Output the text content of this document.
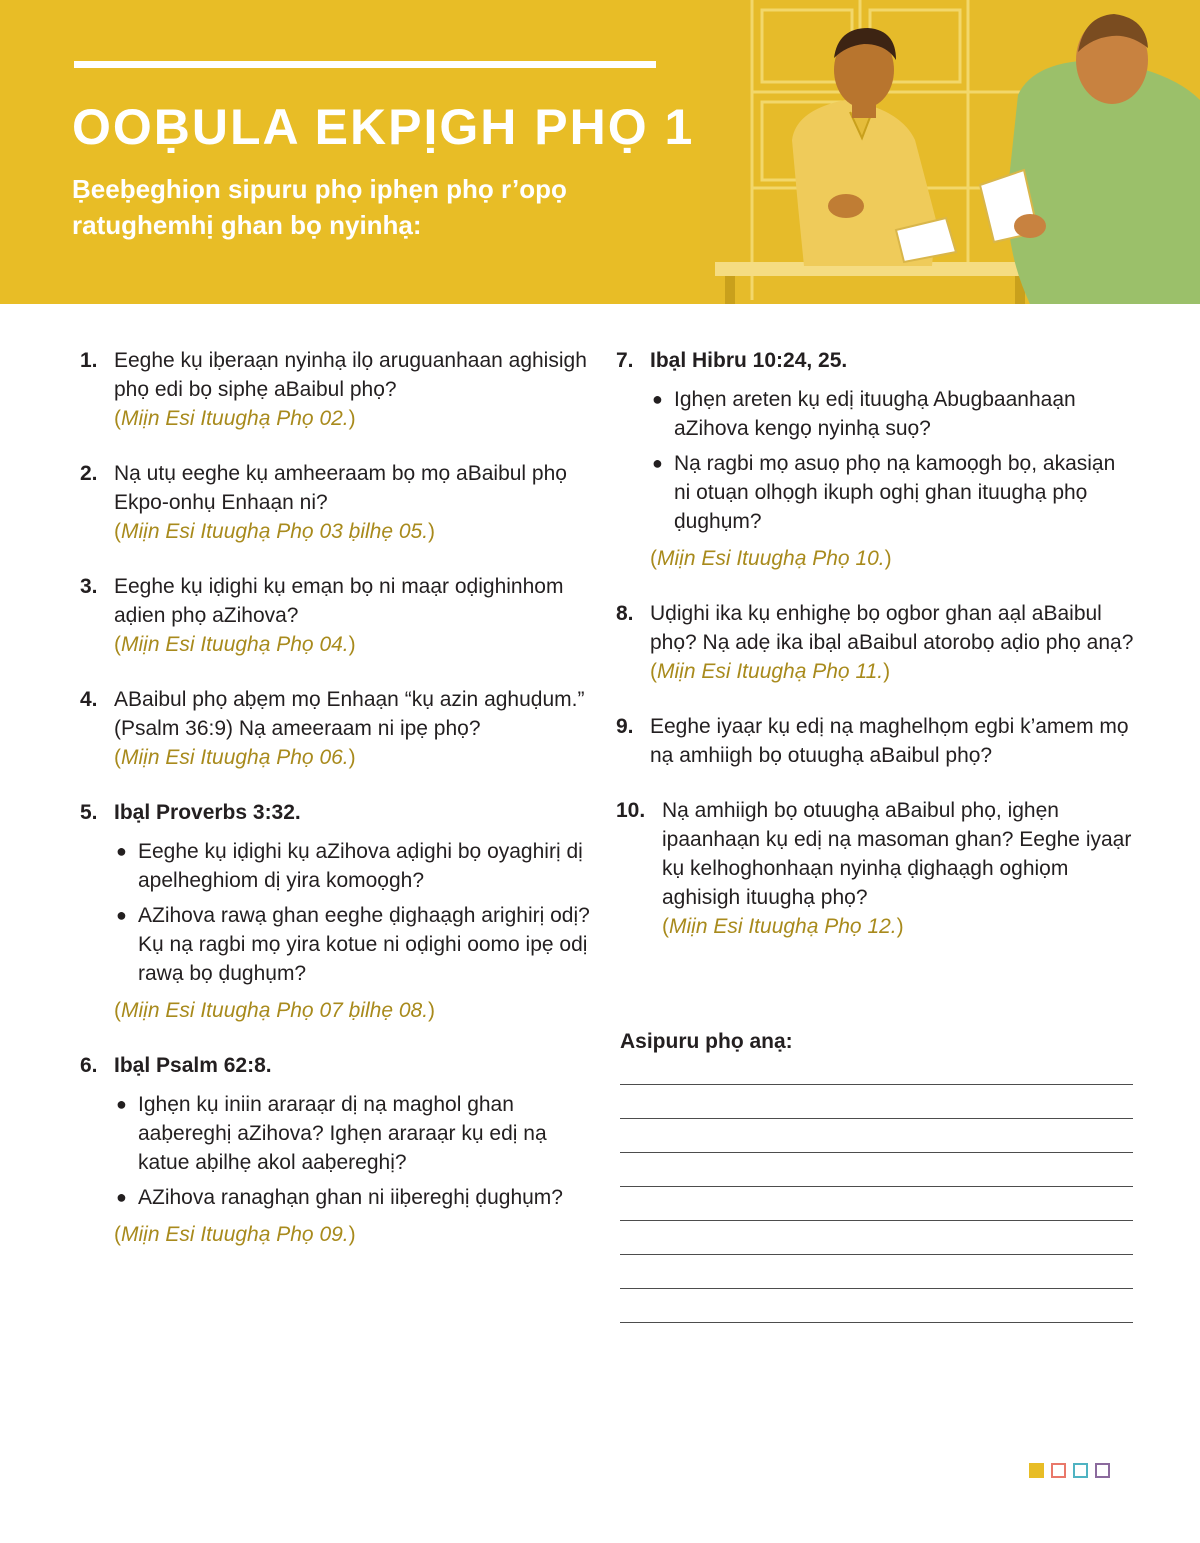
OOḄULA EKPỊGH PHỌ 1

Ḅeeḅeghiọn sipuru phọ iphẹn phọ r’opọ ratughemhị ghan bọ nyinhạ:

1. Eeghe kụ iḅeraạn nyinhạ ilọ aruguanhaan aghisigh phọ edi bọ siphẹ aBaibul phọ?
(Miịn Esi Ituughạ Phọ 02.)
2. Nạ utụ eeghe kụ amheeraam bọ mọ aBaibul phọ Ekpo-onhụ Enhaạn ni?
(Miịn Esi Ituughạ Phọ 03 ḅilhẹ 05.)
3. Eeghe kụ iḍighi kụ emạn bọ ni maạr oḍighinhom aḍien phọ aZihova?
(Miịn Esi Ituughạ Phọ 04.)
4. ABaibul phọ aḅẹm mọ Enhaạn “kụ azin aghuḍum.” (Psalm 36:9) Nạ ameeraam ni ipẹ phọ?
(Miịn Esi Ituughạ Phọ 06.)
5. Ibạl Proverbs 3:32.
● Eeghe kụ iḍighi kụ aZihova aḍighi bọ oyaghirị dị apelheghiom dị yira komoọgh?
● AZihova rawạ ghan eeghe ḍighaạgh arighirị odị? Kụ nạ ragbi mọ yira kotue ni oḍighi oomo ipẹ odị rawạ bọ ḍughụm?
(Miịn Esi Ituughạ Phọ 07 ḅilhẹ 08.)
6. Ibạl Psalm 62:8.
● Ighẹn kụ iniin araraạr dị nạ maghol ghan aaḅereghị aZihova? Ighẹn araraạr kụ edị nạ katue aḅilhẹ akol aaḅereghị?
● AZihova ranaghạn ghan ni iiḅereghị ḍughụm?
(Miịn Esi Ituughạ Phọ 09.)
7. Ibạl Hibru 10:24, 25.
● Ighẹn areten kụ edị ituughạ Abugbaanhaạn aZihova kengọ nyinhạ suọ?
● Nạ ragbi mọ asuọ phọ nạ kamoọgh bọ, akasiạn ni otuạn olhọgh ikuph oghị ghan ituughạ phọ ḍughụm?
(Miịn Esi Ituughạ Phọ 10.)
8. Uḍighi ika kụ enhighẹ bọ ogbor ghan aạl aBaibul phọ? Nạ adẹ ika ibạl aBaibul atorobọ aḍio phọ anạ?
(Miịn Esi Ituughạ Phọ 11.)
9. Eeghe iyaạr kụ edị nạ maghelhọm egbi k’amem mọ nạ amhiigh bọ otuughạ aBaibul phọ?
10. Nạ amhiigh bọ otuughạ aBaibul phọ, ighẹn ipaanhaạn kụ edị nạ masoman ghan? Eeghe iyaạr kụ kelhoghonhaạn nyinhạ ḍighaạgh oghiọm aghisigh ituughạ phọ?
(Miịn Esi Ituughạ Phọ 12.)

Asipuru phọ anạ:
